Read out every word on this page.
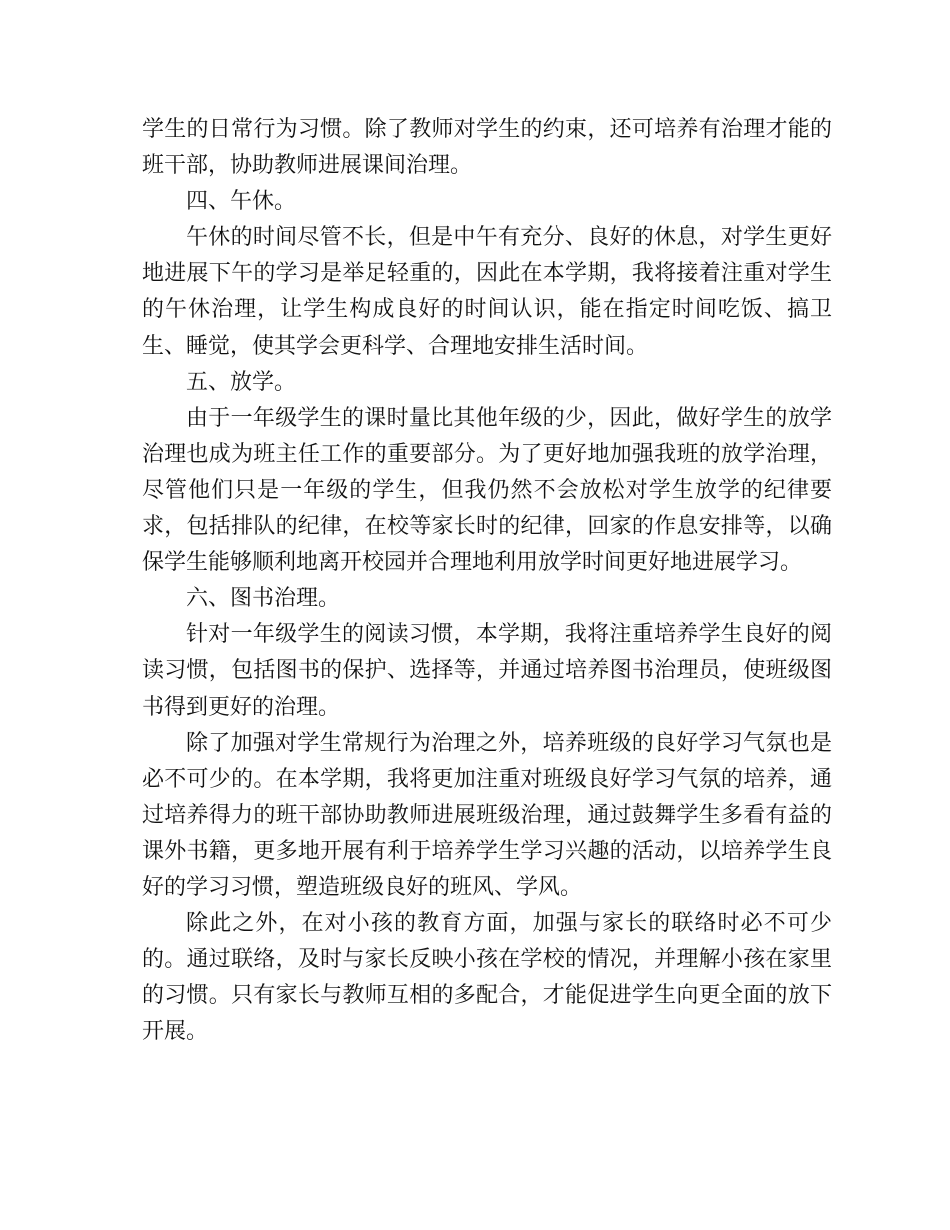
学生的日常行为习惯。除了教师对学生的约束，还可培养有治理才能的班干部，协助教师进展课间治理。

四、午休。

午休的时间尽管不长，但是中午有充分、良好的休息，对学生更好地进展下午的学习是举足轻重的，因此在本学期，我将接着注重对学生的午休治理，让学生构成良好的时间认识，能在指定时间吃饭、搞卫生、睡觉，使其学会更科学、合理地安排生活时间。

五、放学。

由于一年级学生的课时量比其他年级的少，因此，做好学生的放学治理也成为班主任工作的重要部分。为了更好地加强我班的放学治理，尽管他们只是一年级的学生，但我仍然不会放松对学生放学的纪律要求，包括排队的纪律，在校等家长时的纪律，回家的作息安排等，以确保学生能够顺利地离开校园并合理地利用放学时间更好地进展学习。

六、图书治理。

针对一年级学生的阅读习惯，本学期，我将注重培养学生良好的阅读习惯，包括图书的保护、选择等，并通过培养图书治理员，使班级图书得到更好的治理。

除了加强对学生常规行为治理之外，培养班级的良好学习气氛也是必不可少的。在本学期，我将更加注重对班级良好学习气氛的培养，通过培养得力的班干部协助教师进展班级治理，通过鼓舞学生多看有益的课外书籍，更多地开展有利于培养学生学习兴趣的活动，以培养学生良好的学习习惯，塑造班级良好的班风、学风。

除此之外，在对小孩的教育方面，加强与家长的联络时必不可少的。通过联络，及时与家长反映小孩在学校的情况，并理解小孩在家里的习惯。只有家长与教师互相的多配合，才能促进学生向更全面的放下开展。
